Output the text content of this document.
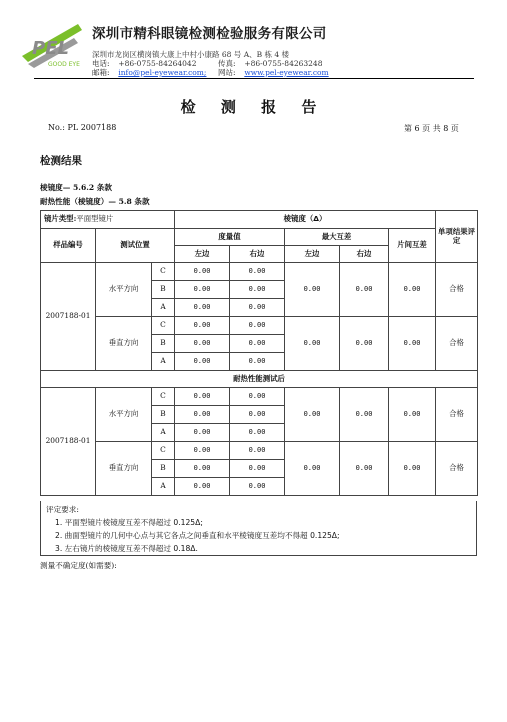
PEL
GOOD EYE
深圳市精科眼镜检测检验服务有限公司
深圳市龙岗区横岗镇大康上中村小康路 68 号 A、B 栋 4 楼
电话: +86-0755-84264042	传真: +86-0755-84263248
邮箱: info@pel-eyewear.com; 网站: www.pel-eyewear.com
检 测 报 告
No.: PL 2007188	第 6 页 共 8 页
检测结果
棱镜度— 5.6.2 条款
耐热性能（棱镜度）— 5.8 条款
镜片类型:平面型镜片			棱镜度（Δ）					单项结果评定
样品编号	测试位置		度量值		最大互差		片间互差	
			左边	右边	左边	右边		
2007188-01	水平方向	C	0.00	0.00	0.00	0.00	0.00	合格
		B	0.00	0.00				
		A	0.00	0.00				
	垂直方向	C	0.00	0.00	0.00	0.00	0.00	合格
		B	0.00	0.00				
		A	0.00	0.00				
耐热性能测试后								
2007188-01	水平方向	C	0.00	0.00	0.00	0.00	0.00	合格
		B	0.00	0.00				
		A	0.00	0.00				
	垂直方向	C	0.00	0.00	0.00	0.00	0.00	合格
		B	0.00	0.00				
		A	0.00	0.00				
评定要求:
1. 平面型镜片棱镜度互差不得超过 0.125Δ;
2. 曲面型镜片的几何中心点与其它各点之间垂直和水平棱镜度互差均不得超 0.125Δ;
3. 左右镜片的棱镜度互差不得超过 0.18Δ.
测量不确定度(如需要):
